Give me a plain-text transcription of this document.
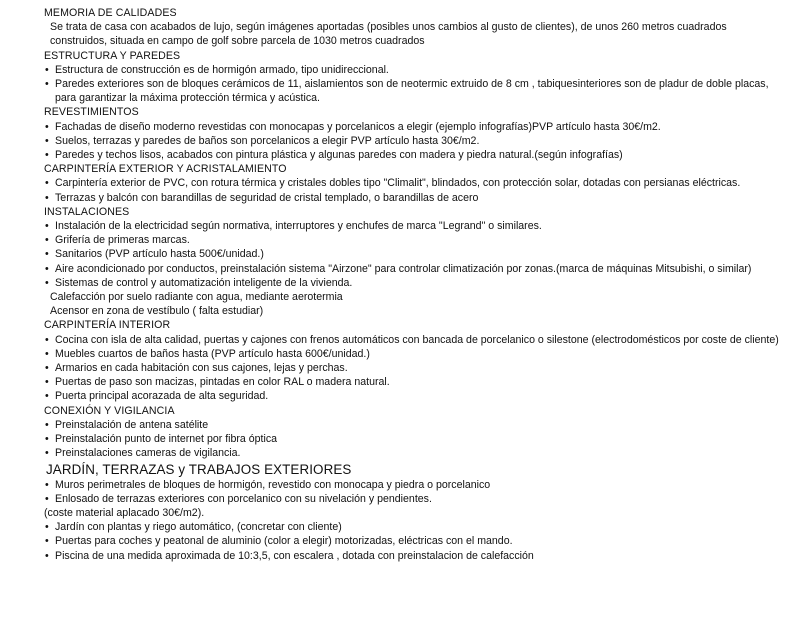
MEMORIA DE CALIDADES
Se trata de casa con acabados de lujo, según imágenes aportadas (posibles unos cambios al gusto de clientes), de unos 260 metros cuadrados construidos, situada en campo de golf sobre parcela de 1030 metros cuadrados
ESTRUCTURA Y PAREDES
• Estructura de construcción es de hormigón armado, tipo unidireccional.
• Paredes exteriores son de bloques cerámicos de 11, aislamientos son de neotermic extruido de 8 cm , tabiquesinteriores son de pladur de doble placas, para garantizar la máxima protección térmica y acústica.
REVESTIMIENTOS
• Fachadas de diseño moderno revestidas con monocapas y porcelanicos a elegir (ejemplo infografías)PVP artículo hasta 30€/m2.
• Suelos, terrazas y paredes de baños son porcelanicos a elegir PVP artículo hasta 30€/m2.
• Paredes y techos lisos, acabados con pintura plástica y algunas paredes con madera y piedra natural.(según infografías)
CARPINTERÍA EXTERIOR Y ACRISTALAMIENTO
• Carpintería exterior de PVC, con rotura térmica y cristales dobles tipo "Climalit", blindados, con protección solar, dotadas con persianas eléctricas.
• Terrazas y balcón con barandillas de seguridad de cristal templado, o barandillas de acero
INSTALACIONES
• Instalación de la electricidad según normativa, interruptores y enchufes de marca "Legrand" o similares.
• Grifería de primeras marcas.
• Sanitarios (PVP artículo hasta 500€/unidad.)
• Aire acondicionado por conductos, preinstalación sistema "Airzone" para controlar climatización por zonas.(marca de máquinas Mitsubishi, o similar)
• Sistemas de control y automatización inteligente de la vivienda.
Calefacción por suelo radiante con agua, mediante aerotermia
Acensor en zona de vestíbulo ( falta estudiar)
CARPINTERÍA INTERIOR
• Cocina con isla de alta calidad, puertas y cajones con frenos automáticos con bancada de porcelanico o silestone (electrodomésticos por coste de cliente)
• Muebles cuartos de baños hasta (PVP artículo hasta 600€/unidad.)
• Armarios en cada habitación con sus cajones, lejas y perchas.
• Puertas de paso son macizas, pintadas en color RAL o madera natural.
• Puerta principal acorazada de alta seguridad.
CONEXIÓN Y VIGILANCIA
• Preinstalación de antena satélite
• Preinstalación punto de internet por fibra óptica
• Preinstalaciones cameras de vigilancia.
JARDÍN, TERRAZAS y TRABAJOS EXTERIORES
• Muros perimetrales de bloques de hormigón, revestido con monocapa y piedra o porcelanico
• Enlosado de terrazas exteriores con porcelanico con su nivelación y pendientes.
(coste material aplacado 30€/m2).
• Jardín con plantas y riego automático, (concretar con cliente)
• Puertas para coches y peatonal de aluminio (color a elegir) motorizadas, eléctricas con el mando.
• Piscina de una medida aproximada de 10:3,5, con escalera , dotada con preinstalacion de calefacción
